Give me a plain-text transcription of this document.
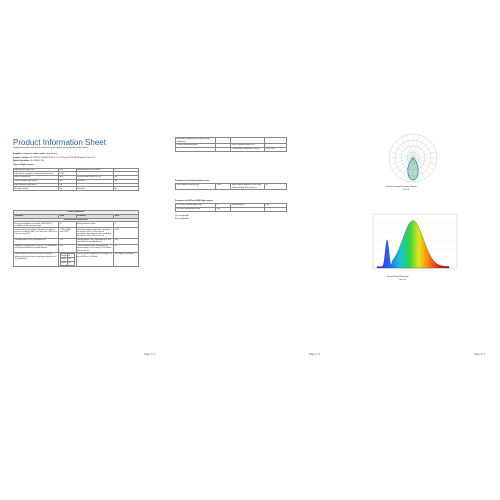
Product Information Sheet
complementary information based on directives which apply to energy labelling of light sources
Supplier's name or trade mark: ampulla.fiat
Supplier's address: DP PRODUCT SERVICE SP. Z O.O., Ul. Drugi 91 101 80-180 Gdansk Poland, PL
Model identifier: GU10WLL-38
Type of light source:
Lighting technology used	LED	Non-directional or directional	D
Light source cap-type (or other electric interface)	GU10		
Mains or non-mains	MLS	Connected light source (CLS)	No
Colour-tuneable light source	No	Envelope	No
High luminance light source	No		
Anti-glare shield	No	Dimmable	No
Product parameters
Parameter	Value	Parameter	Value
General product parameters
Energy consumption in on-mode (kWh/1000 h), rounded up to the nearest integer	10	Energy efficiency class	G
Useful luminous flux (Φuse), indicating if it refers to the flux in a sphere (360°), in a wide cone (120°) or in a narrow cone (90°)	1 280 in Wide cone (120°)	Correlated colour temperature, rounded to the nearest 100 K, or the range of correlated colour temperatures, rounded to the nearest 100 K, that can be set	4 000
On-mode power (Pon), expressed in W	10.0	Standby power (Psb), expressed in W and rounded to the second decimal	0.00
Networked standby power (Pnet) for CLS, expressed in W and rounded to the second decimal	0.00	Colour rendering index, rounded to the nearest integer, or the range of CRI-values that can be set	80
Outer dimensions without separate control gear, lighting control parts and non-lighting control parts, if any (millimetre)	
Height	60
Width	48
Depth	48
	Spectral power distribution in the range 250 nm to 800 nm, at full-load	See image on last page
Page 1 / 3
parts and non-lighting control parts, if any (millimetre)			
Claim of equivalent power	-	If yes, equivalent power (W)	-
		Chromaticity coordinates (x and y)	0.451 0.410
Parameters for directional light sources:
Peak luminous intensity (cd)	1 806	Beam angle in degrees, or the range of beam angles that can be set	38
Parameters for LED and OLED light sources:
R9 colour rendering index value	15	Survival factor	1.00
the lumen maintenance factor	0.96		
(a) not applicable
(b) not applicable
Page 2 / 3
Luminous Intensity Distribution Diagram
Unit: cd
Spectral Power Distribution
Unit: nm
Page 3 / 3
